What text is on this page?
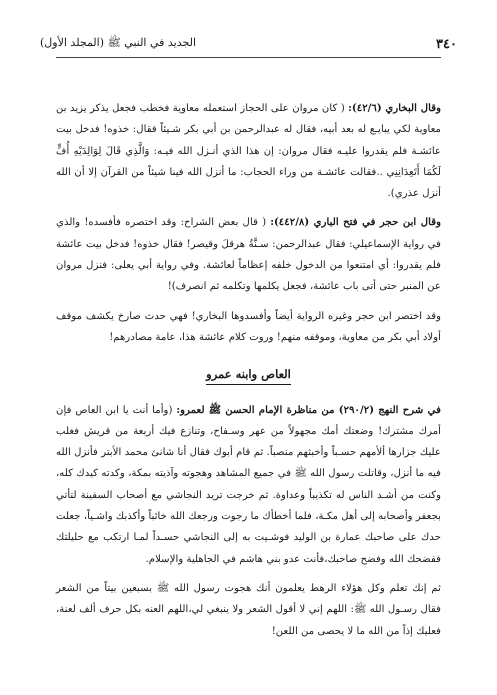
٣٤٠
الجديد في النبي ﷺ (المجلد الأول)

وقال البخاري (٤٢/٦): ( كان مروان على الحجاز استعمله معاوية فخطب فجعل يذكر يزيد بن معاوية لكي يبايـع له بعد أبيه، فقال له عبدالرحمن بن أبي بكر شـيئاً فقال: خذوه! فدخل بيت عائشـة فلم يقدروا عليـه فقال مروان: إن هذا الذي أنـزل الله فيـه: وَالَّذِي قَالَ لِوَالِدَيْهِ أُفٍّ لَكُمَا أَتَعِدَانِنِي ..فقالت عائشـة من وراء الحجاب: ما أنزل الله فينا شيئاً من القرآن إلا أن الله أنزل عذري).

وقال ابن حجر في فتح الباري (٤٤٢/٨): ( قال بعض الشراح: وقد اختصره فأفسده! والذي في رواية الإسماعيلي: فقال عبدالرحمن: سـنَّةُ هرقلَ وقيصر! فقال خذوه! فدخل بيت عائشة فلم يقدروا: أي امتنعوا من الدخول خلفه إعظاماً لعائشة. وفي رواية أبي يعلى: فنزل مروان عن المنبر حتى أتى باب عائشة، فجعل يكلمها وتكلمه ثم انصرف)!

وقد اختصر ابن حجر وغيره الرواية أيضاً وأفسدوها البخاري! فهي حدث صارخ يكشف موقف أولاد أبي بكر من معاوية، وموقفه منهم! وروت كلام عائشة هذا، عامة مصادرهم!

العاص وابنه عمرو

في شرح النهج (٢٩٠/٢) من مناظرة الإمام الحسن ﷺ لعمرو: (وأما أنت يا ابن العاص فإن أمرك مشترك! وضعتك أمك مجهولاً من عهر وسـفاح، وتنازع فيك أربعة من قريش فغلب عليك جزارها ألأمهم حسـباً وأخبثهم منصباً. ثم قام أبوك فقال أنا شانئ محمد الأبتر فأنزل الله فيه ما أنزل، وقاتلت رسول الله ﷺ في جميع المشاهد وهجوته وآذيته بمكة، وكدته كيدك كله، وكنت من أشـد الناس له تكذيباً وعداوة. ثم خرجت تريد النجاشي مع أصحاب السفينة لتأتي بجعفر وأصحابه إلى أهل مكـة، فلما أخطأك ما رجوت ورجعك الله خائباً وأكذبك واشـياً، جعلت حدك على صاحبك عمارة بن الوليد فوشـيت به إلى النجاشي حسـداً لمـا ارتكب مع حليلتك ففضحك الله وفضح صاحبك،فأنت عدو بني هاشم في الجاهلية والإسلام.

ثم إنك تعلم وكل هؤلاء الرهط يعلمون أنك هجوت رسول الله ﷺ بسبعين بيتاً من الشعر فقال رسـول الله ﷺ: اللهم إني لا أقول الشعر ولا ينبغي لي،اللهم العنه بكل حرف ألف لعنة، فعليك إذاً من الله ما لا يحصى من اللعن!
